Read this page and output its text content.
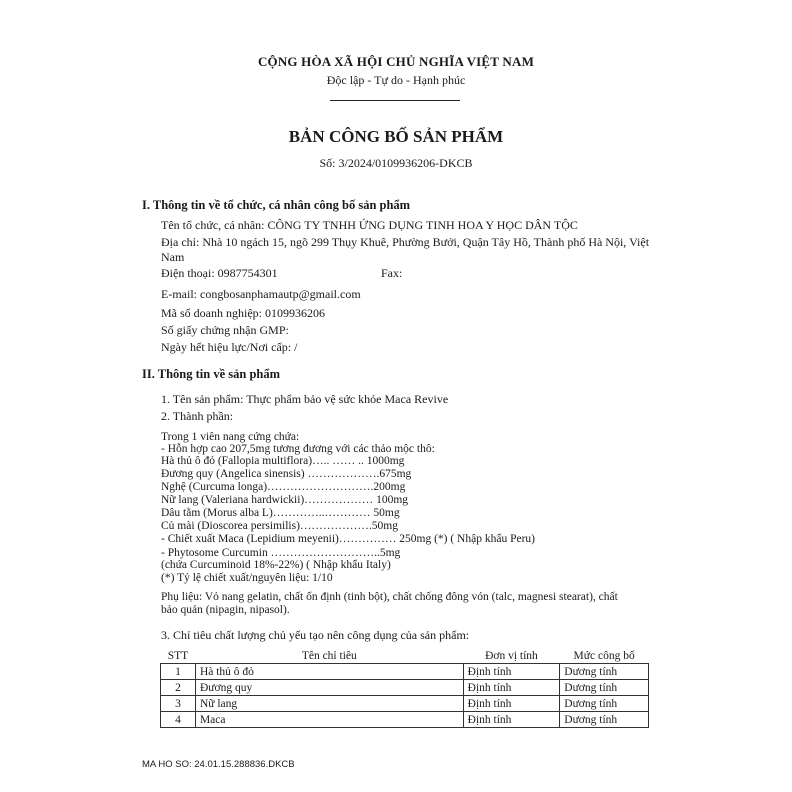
CỘNG HÒA XÃ HỘI CHỦ NGHĨA VIỆT NAM
Độc lập - Tự do - Hạnh phúc
BẢN CÔNG BỐ SẢN PHẨM
Số: 3/2024/0109936206-DKCB
I. Thông tin về tổ chức, cá nhân công bố sản phẩm
Tên tổ chức, cá nhân: CÔNG TY TNHH ỨNG DỤNG TINH HOA Y HỌC DÂN TỘC
Địa chỉ: Nhà 10 ngách 15, ngõ 299 Thụy Khuê, Phường Bưởi, Quận Tây Hồ, Thành phố Hà Nội, Việt Nam
Điện thoại: 0987754301	Fax:
E-mail: congbosanphamautp@gmail.com
Mã số doanh nghiệp: 0109936206
Số giấy chứng nhận GMP:
Ngày hết hiệu lực/Nơi cấp: /
II. Thông tin về sản phẩm
1. Tên sản phẩm: Thực phẩm bảo vệ sức khỏe Maca Revive
2. Thành phần:
Trong 1 viên nang cứng chứa:
- Hỗn hợp cao 207,5mg tương đương với các thảo mộc thô:
Hà thủ ô đỏ (Fallopia multiflora)….. …… .. 1000mg
Đương quy (Angelica sinensis) ……………….675mg
Nghệ (Curcuma longa)……………………….200mg
Nữ lang (Valeriana hardwickii)……………… 100mg
Dâu tằm (Morus alba L)…………..………… 50mg
Củ mài (Dioscorea persimilis)……………….50mg
- Chiết xuất Maca (Lepidium meyenii)…………… 250mg (*) ( Nhập khẩu Peru)
- Phytosome Curcumin ………………………..5mg
(chứa Curcuminoid 18%-22%) ( Nhập khẩu Italy)
(*) Tỷ lệ chiết xuất/nguyên liệu: 1/10
Phụ liệu: Vỏ nang gelatin, chất ổn định (tinh bột), chất chống đông vón (talc, magnesi stearat), chất bảo quản (nipagin, nipasol).
3. Chỉ tiêu chất lượng chủ yếu tạo nên công dụng của sản phẩm:
STT	Tên chỉ tiêu	Đơn vị tính	Mức công bố
1	Hà thủ ô đỏ	Định tính	Dương tính
2	Đương quy	Định tính	Dương tính
3	Nữ lang	Định tính	Dương tính
4	Maca	Định tính	Dương tính
MA HO SO: 24.01.15.288836.DKCB
